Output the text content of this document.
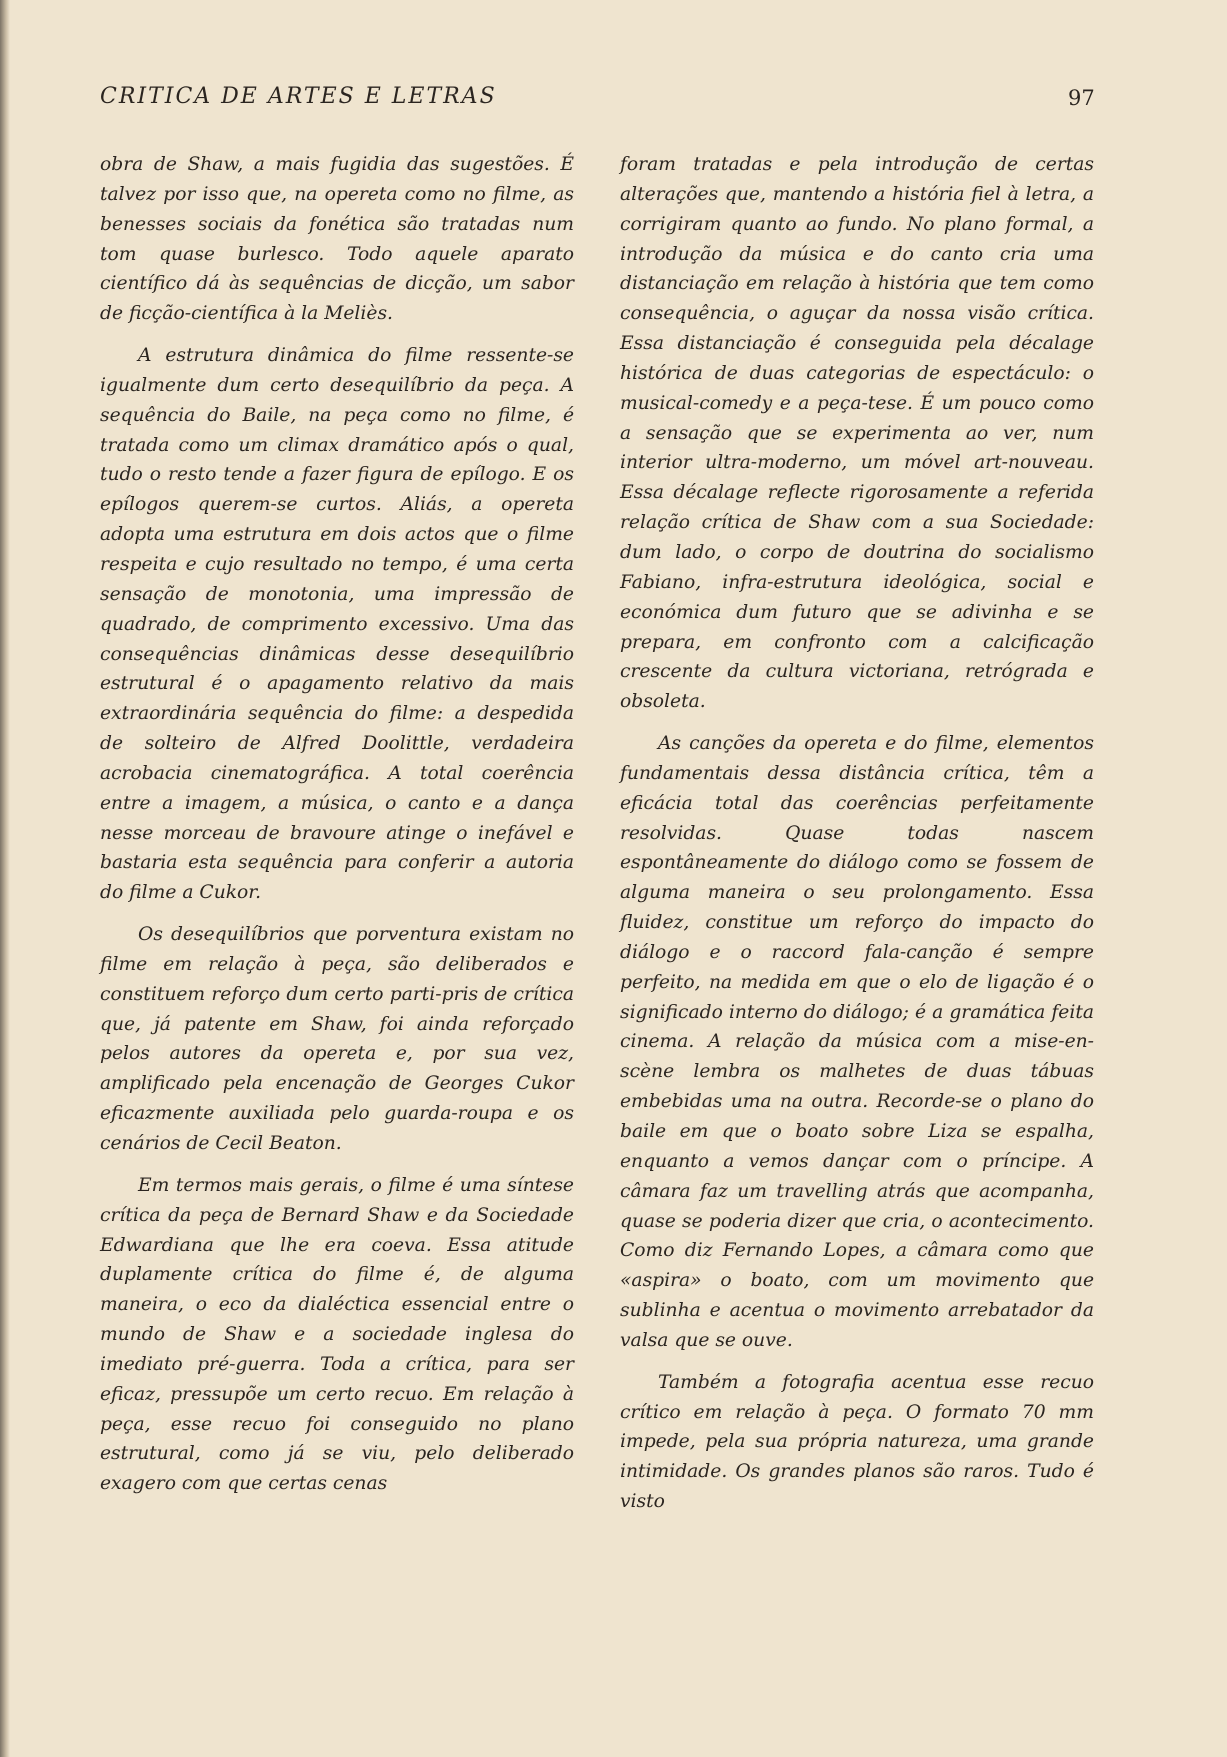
CRITICA DE ARTES E LETRAS	97

obra de Shaw, a mais fugidia das sugestões. É talvez por isso que, na opereta como no filme, as benesses sociais da fonética são tratadas num tom quase burlesco. Todo aquele aparato científico dá às sequências de dicção, um sabor de ficção-científica à la Meliès.

A estrutura dinâmica do filme ressente-se igualmente dum certo desequilíbrio da peça. A sequência do Baile, na peça como no filme, é tratada como um climax dramático após o qual, tudo o resto tende a fazer figura de epílogo. E os epílogos querem-se curtos. Aliás, a opereta adopta uma estrutura em dois actos que o filme respeita e cujo resultado no tempo, é uma certa sensação de monotonia, uma impressão de quadrado, de comprimento excessivo. Uma das consequências dinâmicas desse desequilíbrio estrutural é o apagamento relativo da mais extraordinária sequência do filme: a despedida de solteiro de Alfred Doolittle, verdadeira acrobacia cinematográfica. A total coerência entre a imagem, a música, o canto e a dança nesse morceau de bravoure atinge o inefável e bastaria esta sequência para conferir a autoria do filme a Cukor.

Os desequilíbrios que porventura existam no filme em relação à peça, são deliberados e constituem reforço dum certo parti-pris de crítica que, já patente em Shaw, foi ainda reforçado pelos autores da opereta e, por sua vez, amplificado pela encenação de Georges Cukor eficazmente auxiliada pelo guarda-roupa e os cenários de Cecil Beaton.

Em termos mais gerais, o filme é uma síntese crítica da peça de Bernard Shaw e da Sociedade Edwardiana que lhe era coeva. Essa atitude duplamente crítica do filme é, de alguma maneira, o eco da dialéctica essencial entre o mundo de Shaw e a sociedade inglesa do imediato pré-guerra. Toda a crítica, para ser eficaz, pressupõe um certo recuo. Em relação à peça, esse recuo foi conseguido no plano estrutural, como já se viu, pelo deliberado exagero com que certas cenas

foram tratadas e pela introdução de certas alterações que, mantendo a história fiel à letra, a corrigiram quanto ao fundo. No plano formal, a introdução da música e do canto cria uma distanciação em relação à história que tem como consequência, o aguçar da nossa visão crítica. Essa distanciação é conseguida pela décalage histórica de duas categorias de espectáculo: o musical-comedy e a peça-tese. É um pouco como a sensação que se experimenta ao ver, num interior ultra-moderno, um móvel art-nouveau. Essa décalage reflecte rigorosamente a referida relação crítica de Shaw com a sua Sociedade: dum lado, o corpo de doutrina do socialismo Fabiano, infra-estrutura ideológica, social e económica dum futuro que se adivinha e se prepara, em confronto com a calcificação crescente da cultura victoriana, retrógrada e obsoleta.

As canções da opereta e do filme, elementos fundamentais dessa distância crítica, têm a eficácia total das coerências perfeitamente resolvidas. Quase todas nascem espontâneamente do diálogo como se fossem de alguma maneira o seu prolongamento. Essa fluidez, constitue um reforço do impacto do diálogo e o raccord fala-canção é sempre perfeito, na medida em que o elo de ligação é o significado interno do diálogo; é a gramática feita cinema. A relação da música com a mise-en-scène lembra os malhetes de duas tábuas embebidas uma na outra. Recorde-se o plano do baile em que o boato sobre Liza se espalha, enquanto a vemos dançar com o príncipe. A câmara faz um travelling atrás que acompanha, quase se poderia dizer que cria, o acontecimento. Como diz Fernando Lopes, a câmara como que «aspira» o boato, com um movimento que sublinha e acentua o movimento arrebatador da valsa que se ouve.

Também a fotografia acentua esse recuo crítico em relação à peça. O formato 70 mm impede, pela sua própria natureza, uma grande intimidade. Os grandes planos são raros. Tudo é visto
